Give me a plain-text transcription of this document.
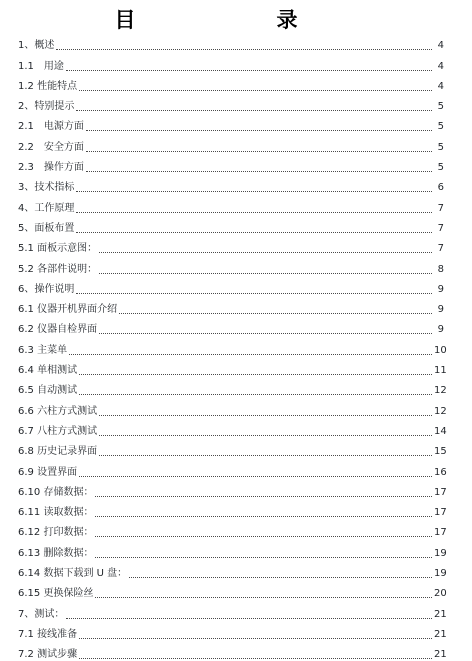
目　录
1、概述	4
1.1　用途	4
1.2 性能特点	4
2、特别提示	5
2.1　电源方面	5
2.2　安全方面	5
2.3　操作方面	5
3、技术指标	6
4、工作原理	7
5、面板布置	7
5.1 面板示意图：	7
5.2 各部件说明：	8
6、操作说明	9
6.1 仪器开机界面介绍	9
6.2 仪器自检界面	9
6.3 主菜单	10
6.4 单相测试	11
6.5 自动测试	12
6.6 六柱方式测试	12
6.7 八柱方式测试	14
6.8 历史记录界面	15
6.9 设置界面	16
6.10 存储数据：	17
6.11 读取数据：	17
6.12 打印数据：	17
6.13 删除数据：	19
6.14 数据下载到 U 盘：	19
6.15 更换保险丝	20
7、测试：	21
7.1 接线准备	21
7.2 测试步骤	21
